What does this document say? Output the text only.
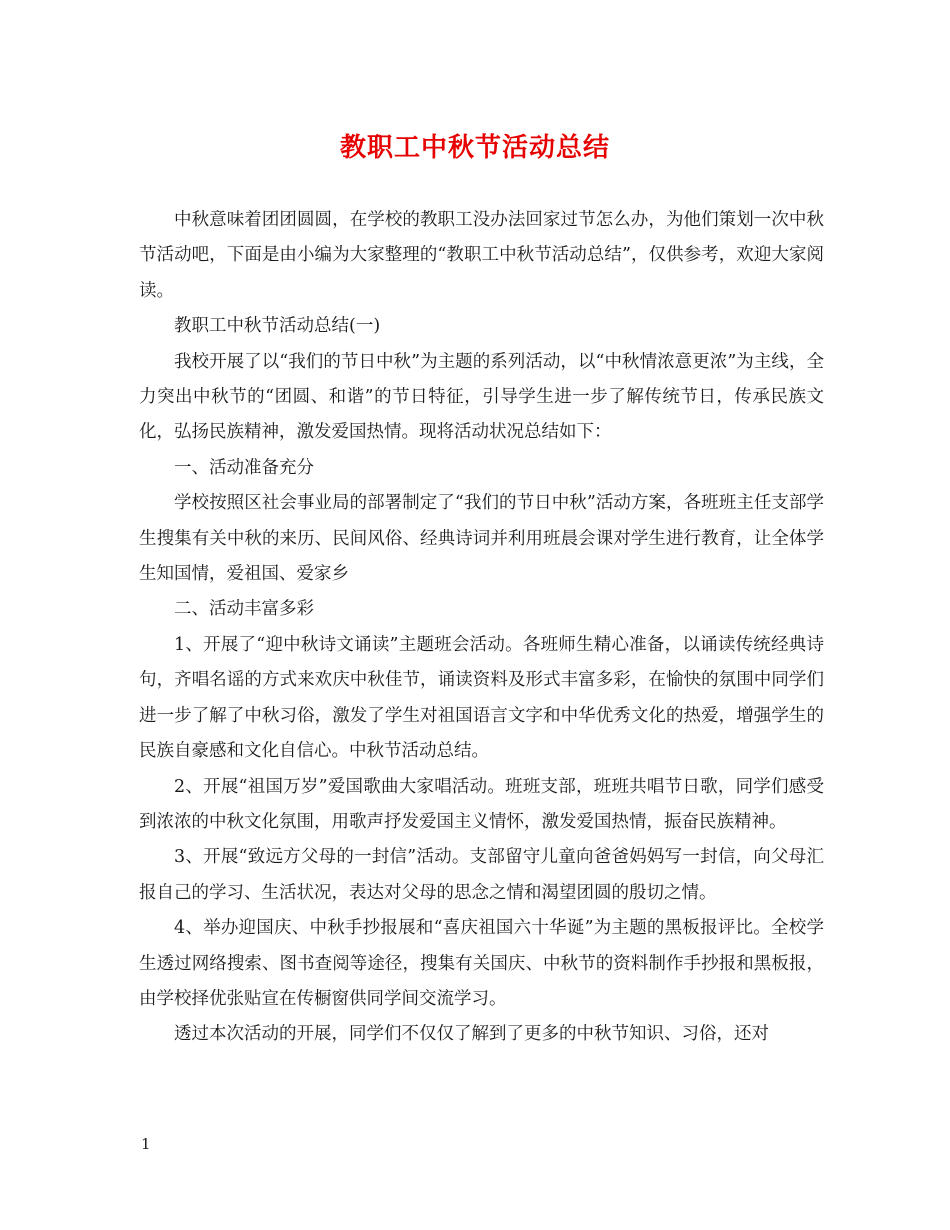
教职工中秋节活动总结

中秋意味着团团圆圆，在学校的教职工没办法回家过节怎么办，为他们策划一次中秋节活动吧，下面是由小编为大家整理的“教职工中秋节活动总结”，仅供参考，欢迎大家阅读。

教职工中秋节活动总结(一)

我校开展了以“我们的节日中秋”为主题的系列活动，以“中秋情浓意更浓”为主线，全力突出中秋节的“团圆、和谐”的节日特征，引导学生进一步了解传统节日，传承民族文化，弘扬民族精神，激发爱国热情。现将活动状况总结如下：

一、活动准备充分

学校按照区社会事业局的部署制定了“我们的节日中秋”活动方案，各班班主任支部学生搜集有关中秋的来历、民间风俗、经典诗词并利用班晨会课对学生进行教育，让全体学生知国情，爱祖国、爱家乡

二、活动丰富多彩

1、开展了“迎中秋诗文诵读”主题班会活动。各班师生精心准备，以诵读传统经典诗句，齐唱名谣的方式来欢庆中秋佳节，诵读资料及形式丰富多彩，在愉快的氛围中同学们进一步了解了中秋习俗，激发了学生对祖国语言文字和中华优秀文化的热爱，增强学生的民族自豪感和文化自信心。中秋节活动总结。

2、开展“祖国万岁”爱国歌曲大家唱活动。班班支部，班班共唱节日歌，同学们感受到浓浓的中秋文化氛围，用歌声抒发爱国主义情怀，激发爱国热情，振奋民族精神。

3、开展“致远方父母的一封信”活动。支部留守儿童向爸爸妈妈写一封信，向父母汇报自己的学习、生活状况，表达对父母的思念之情和渴望团圆的殷切之情。

4、举办迎国庆、中秋手抄报展和“喜庆祖国六十华诞”为主题的黑板报评比。全校学生透过网络搜索、图书查阅等途径，搜集有关国庆、中秋节的资料制作手抄报和黑板报，由学校择优张贴宣在传橱窗供同学间交流学习。

透过本次活动的开展，同学们不仅仅了解到了更多的中秋节知识、习俗，还对

1
